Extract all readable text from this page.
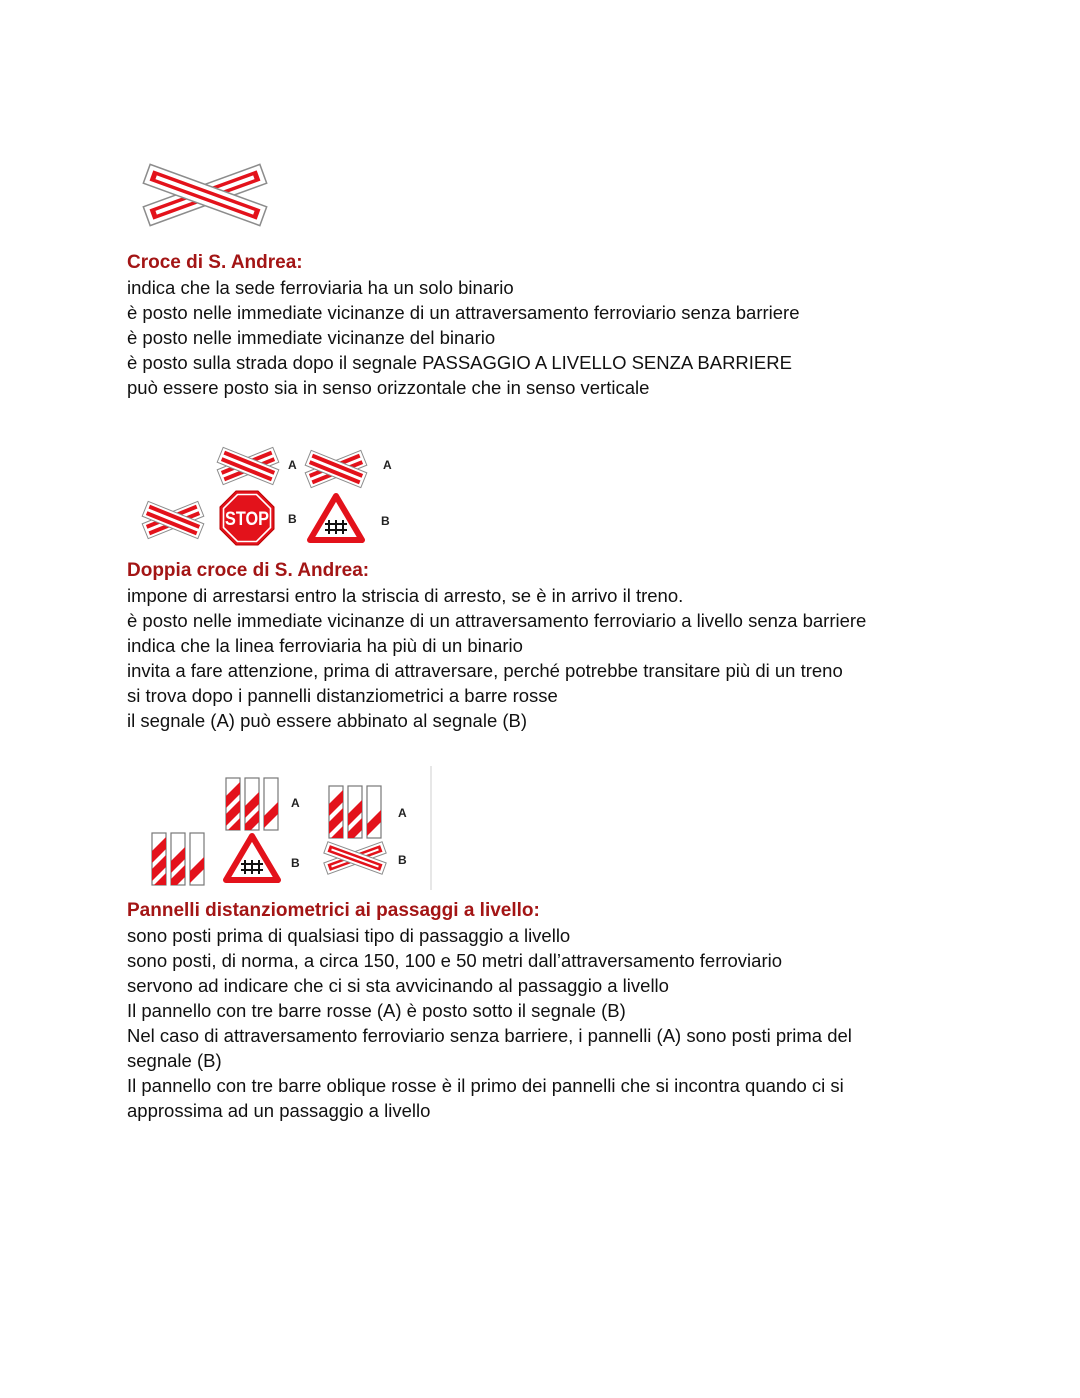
Croce di S. Andrea:
indica che la sede ferroviaria ha un solo binario
è posto nelle immediate vicinanze di un attraversamento ferroviario senza barriere
è posto nelle immediate vicinanze del binario
è posto sulla strada dopo il segnale PASSAGGIO A LIVELLO SENZA BARRIERE
può essere posto sia in senso orizzontale che in senso verticale
STOP
A	A
B	B
Doppia croce di S. Andrea:
impone di arrestarsi entro la striscia di arresto, se è in arrivo il treno.
è posto nelle immediate vicinanze di un attraversamento ferroviario a livello senza barriere
indica che la linea ferroviaria ha più di un binario
invita a fare attenzione, prima di attraversare, perché potrebbe transitare più di un treno
si trova dopo i pannelli distanziometrici a barre rosse
il segnale (A) può essere abbinato al segnale (B)
A
B
A
B
Pannelli distanziometrici ai passaggi a livello:
sono posti prima di qualsiasi tipo di passaggio a livello
sono posti, di norma, a circa 150, 100 e 50 metri dall’attraversamento ferroviario
servono ad indicare che ci si sta avvicinando al passaggio a livello
Il pannello con tre barre rosse (A) è posto sotto il segnale (B)
Nel caso di attraversamento ferroviario senza barriere, i pannelli (A) sono posti prima del
segnale (B)
Il pannello con tre barre oblique rosse è il primo dei pannelli che si incontra quando ci si
approssima ad un passaggio a livello
